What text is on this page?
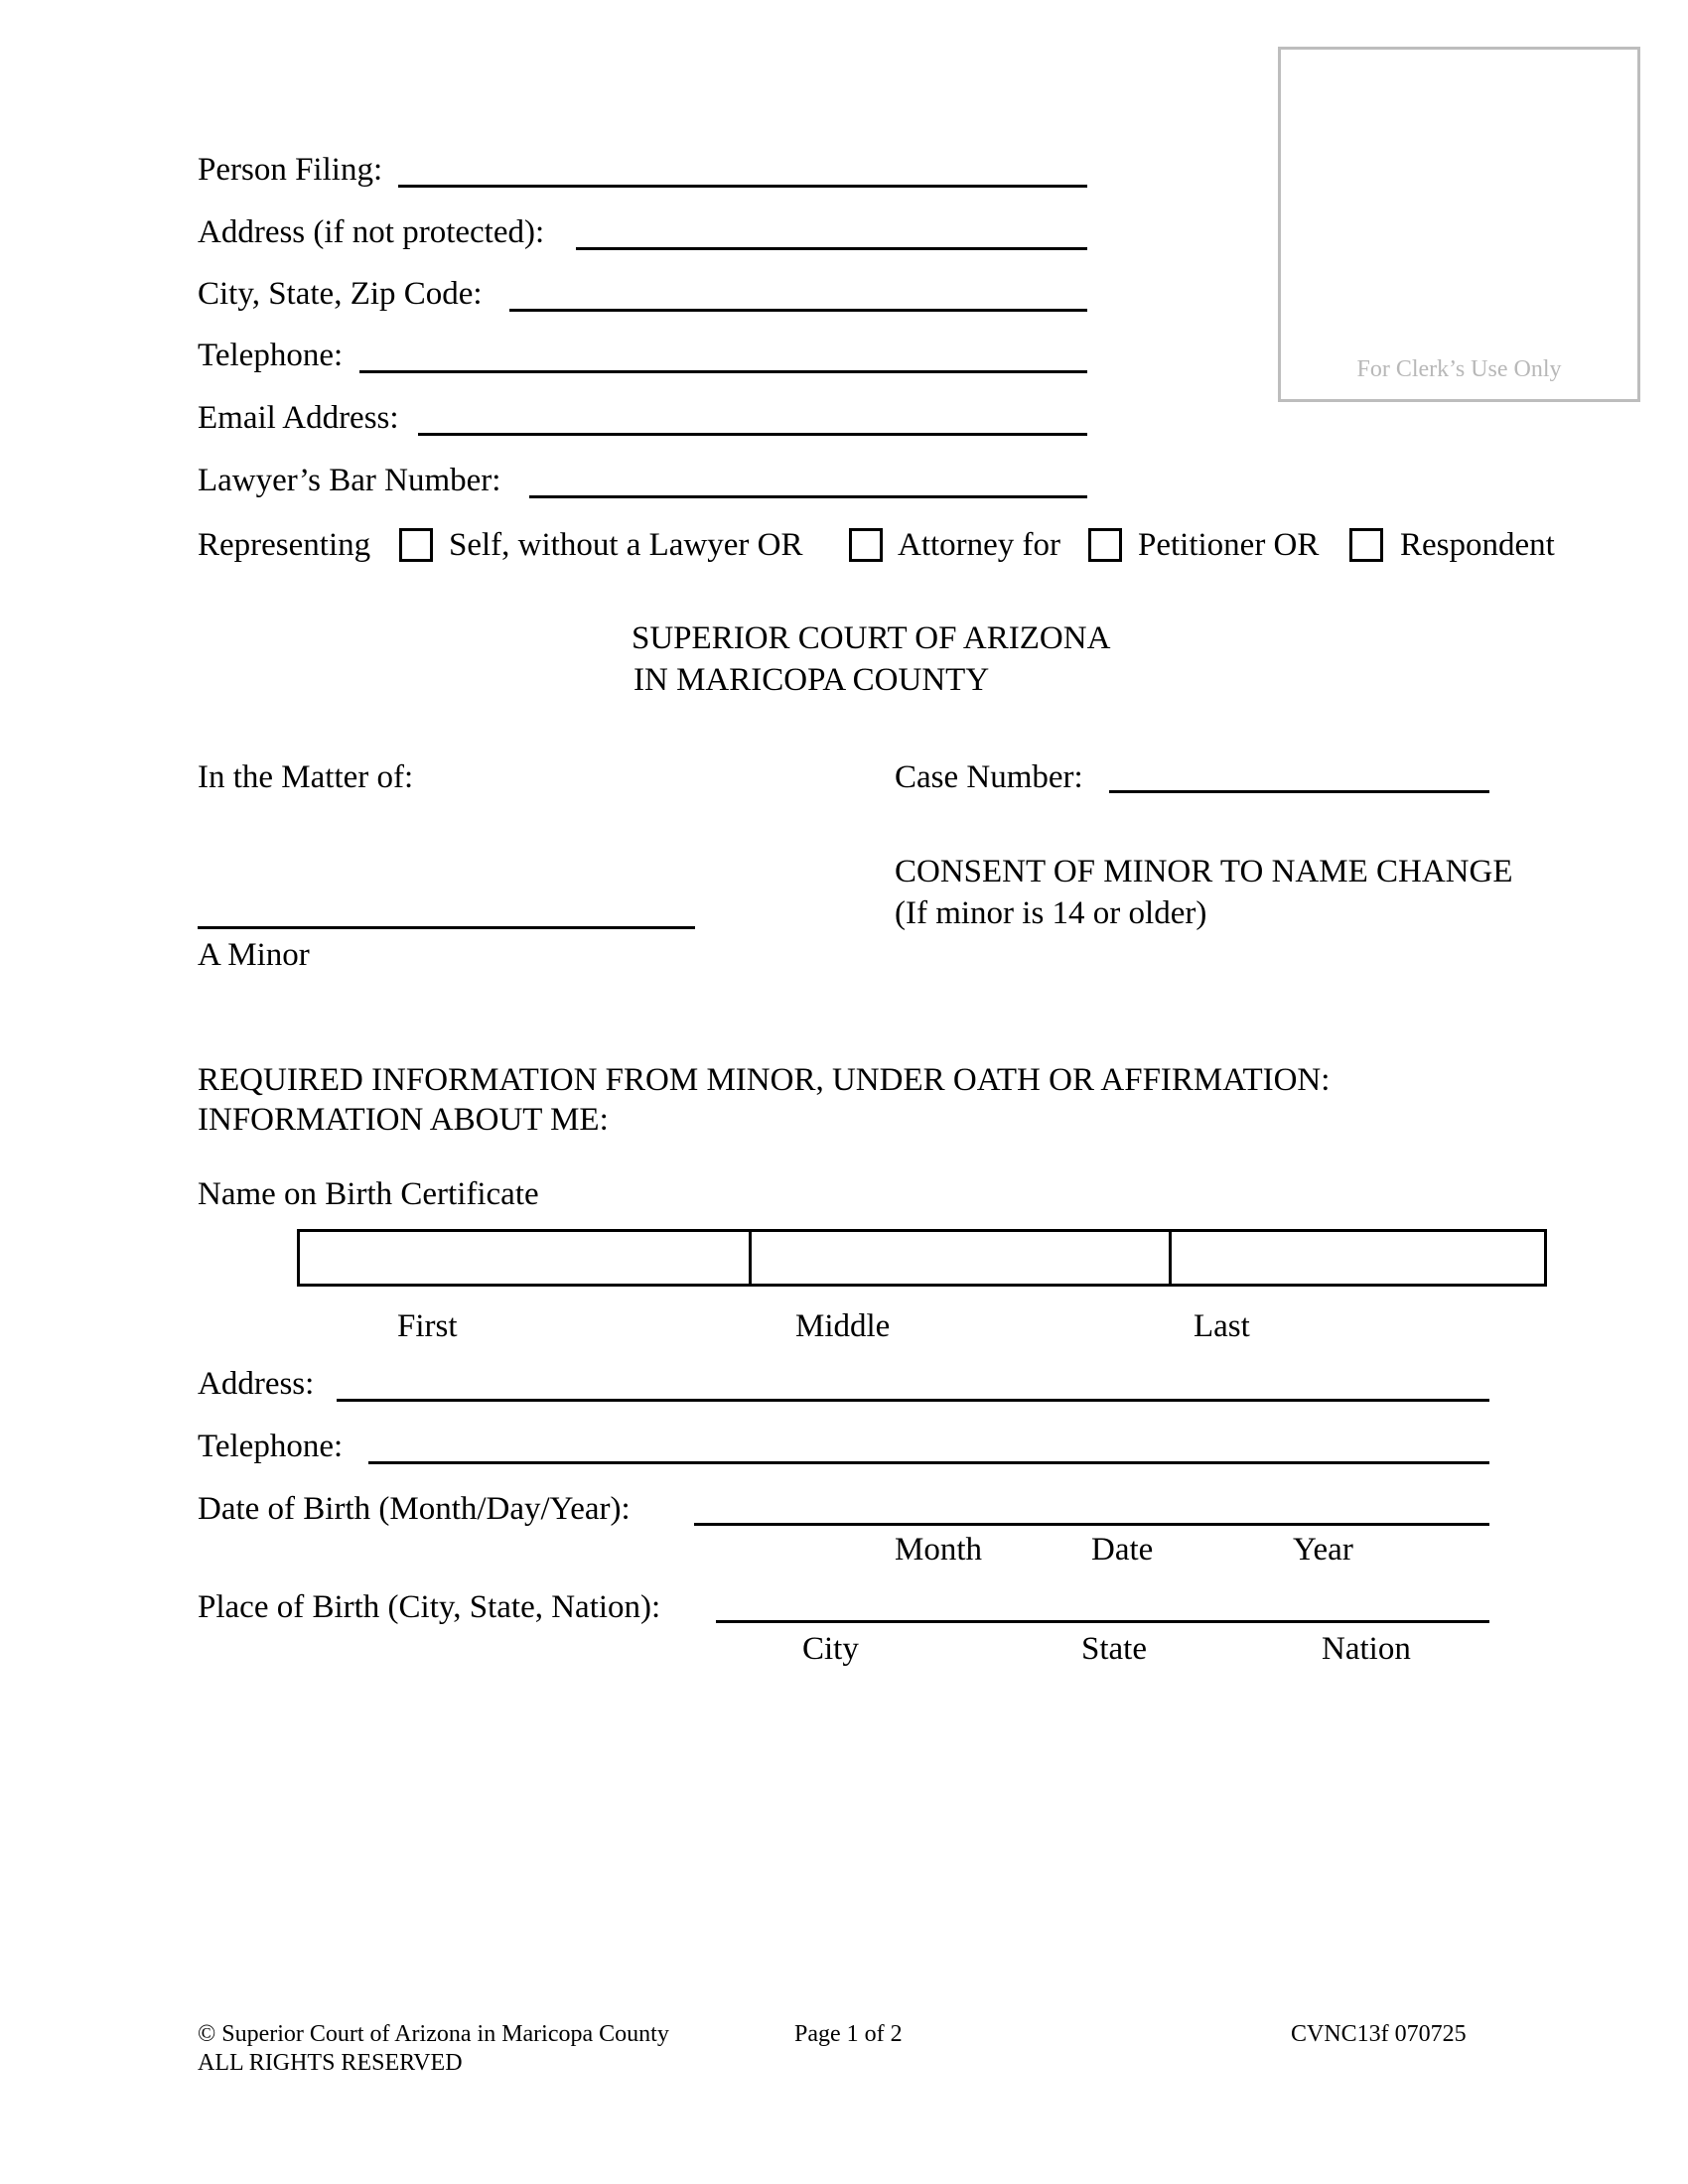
For Clerk’s Use Only
Person Filing:
Address (if not protected):
City, State, Zip Code:
Telephone:
Email Address:
Lawyer’s Bar Number:
Representing Self, without a Lawyer OR	Attorney for Petitioner OR Respondent
SUPERIOR COURT OF ARIZONA
IN MARICOPA COUNTY
In the Matter of:	Case Number:
CONSENT OF MINOR TO NAME CHANGE
(If minor is 14 or older)
A Minor
REQUIRED INFORMATION FROM MINOR, UNDER OATH OR AFFIRMATION:
INFORMATION ABOUT ME:
Name on Birth Certificate
First	Middle	Last
Address:
Telephone:
Date of Birth (Month/Day/Year):
Month	Date	Year
Place of Birth (City, State, Nation):
City	State	Nation
© Superior Court of Arizona in Maricopa County
ALL RIGHTS RESERVED
Page 1 of 2	CVNC13f 070725
